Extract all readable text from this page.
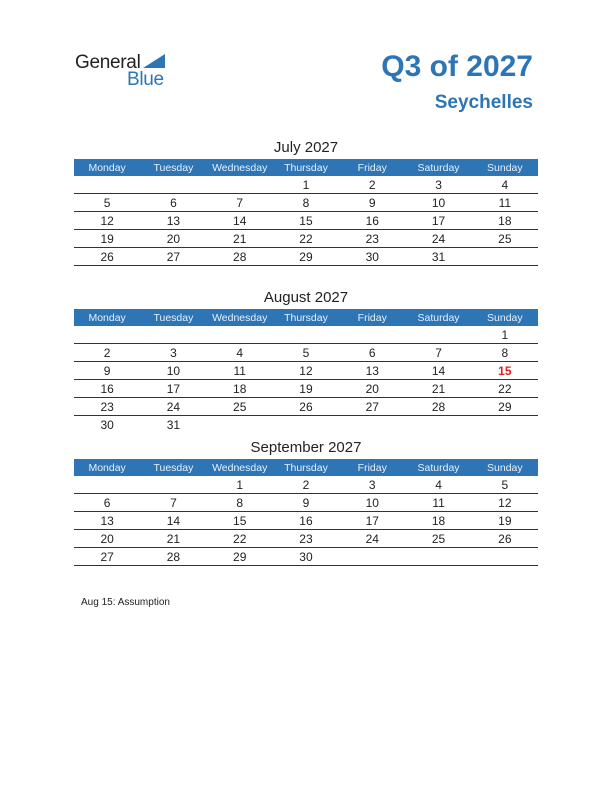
General
Blue	Q3 of 2027
Seychelles
July 2027
Monday	Tuesday	Wednesday	Thursday	Friday	Saturday	Sunday
			1	2	3	4
5	6	7	8	9	10	11
12	13	14	15	16	17	18
19	20	21	22	23	24	25
26	27	28	29	30	31	
August 2027
Monday	Tuesday	Wednesday	Thursday	Friday	Saturday	Sunday
						1
2	3	4	5	6	7	8
9	10	11	12	13	14	15
16	17	18	19	20	21	22
23	24	25	26	27	28	29
30	31					
September 2027
Monday	Tuesday	Wednesday	Thursday	Friday	Saturday	Sunday
		1	2	3	4	5
6	7	8	9	10	11	12
13	14	15	16	17	18	19
20	21	22	23	24	25	26
27	28	29	30			
Aug 15: Assumption
